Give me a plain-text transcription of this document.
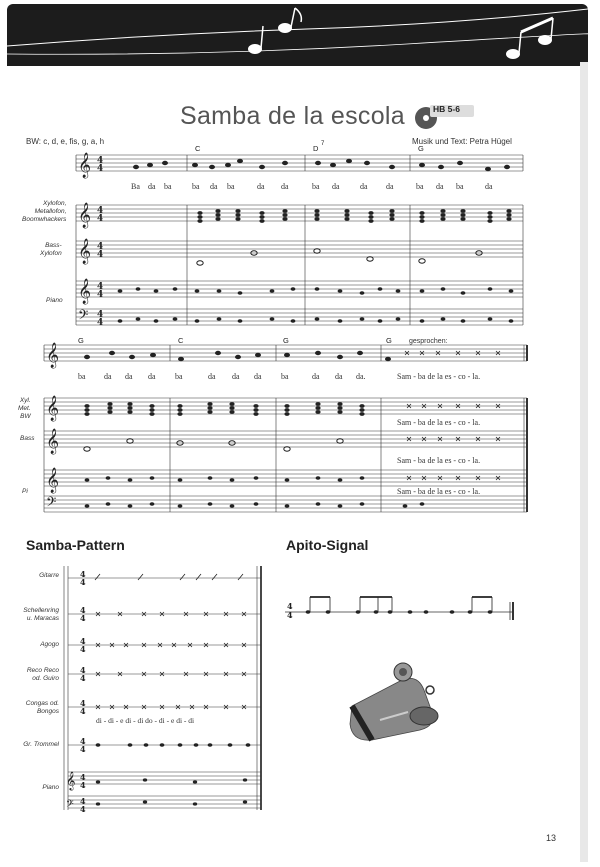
Samba de la escola	HB 5-6
Musik und Text: Petra Hügel
BW: c, d, e, fis, g, a, h
𝄞
𝄞
𝄞
𝄞
𝄢
𝄞
𝄞
𝄞
𝄞
𝄢
4
4
4
4
4
4
4
4
4
4
4
4
4
4
4
4
4
4
4
4
4
4
4
4
4
4
𝄞
𝄢
4
4
Xylofon,
Metallofon,
Boomwhackers
Bass-
Xylofon
Piano
C	D 7	G
Ba da ba	ba da ba	da da	ba da	da da	ba da ba	da
Xyl.
Met.
BW
Bass
Pi
G	C	G	G gesprochen:
ba da da da ba	da da da ba	da da da.	Sam - ba de la es - co - la.
Sam - ba de la es - co - la.
Sam - ba de la es - co - la.
Sam - ba de la es - co - la.
Samba-Pattern
Gitarre
Schellenring
u. Maracas
Agogo
Reco Reco
od. Guiro
Congas od.
Bongos
Gr. Trommel
Piano
di - di - e di - di do - di - e di - di
Apito-Signal
13
